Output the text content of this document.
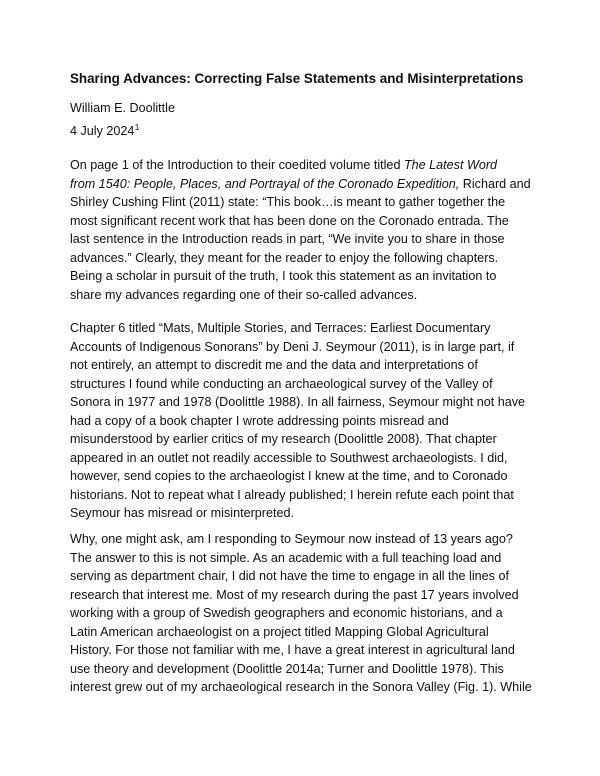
Sharing Advances: Correcting False Statements and Misinterpretations
William E. Doolittle
4 July 2024$^1$
On page 1 of the Introduction to their coedited volume titled The Latest Word
from 1540: People, Places, and Portrayal of the Coronado Expedition, Richard and
Shirley Cushing Flint (2011) state: “This book…is meant to gather together the
most significant recent work that has been done on the Coronado entrada. The
last sentence in the Introduction reads in part, “We invite you to share in those
advances.” Clearly, they meant for the reader to enjoy the following chapters.
Being a scholar in pursuit of the truth, I took this statement as an invitation to
share my advances regarding one of their so-called advances.
Chapter 6 titled “Mats, Multiple Stories, and Terraces: Earliest Documentary
Accounts of Indigenous Sonorans” by Deni J. Seymour (2011), is in large part, if
not entirely, an attempt to discredit me and the data and interpretations of
structures I found while conducting an archaeological survey of the Valley of
Sonora in 1977 and 1978 (Doolittle 1988). In all fairness, Seymour might not have
had a copy of a book chapter I wrote addressing points misread and
misunderstood by earlier critics of my research (Doolittle 2008). That chapter
appeared in an outlet not readily accessible to Southwest archaeologists. I did,
however, send copies to the archaeologist I knew at the time, and to Coronado
historians. Not to repeat what I already published; I herein refute each point that
Seymour has misread or misinterpreted.
Why, one might ask, am I responding to Seymour now instead of 13 years ago?
The answer to this is not simple. As an academic with a full teaching load and
serving as department chair, I did not have the time to engage in all the lines of
research that interest me. Most of my research during the past 17 years involved
working with a group of Swedish geographers and economic historians, and a
Latin American archaeologist on a project titled Mapping Global Agricultural
History. For those not familiar with me, I have a great interest in agricultural land
use theory and development (Doolittle 2014a; Turner and Doolittle 1978). This
interest grew out of my archaeological research in the Sonora Valley (Fig. 1). While
